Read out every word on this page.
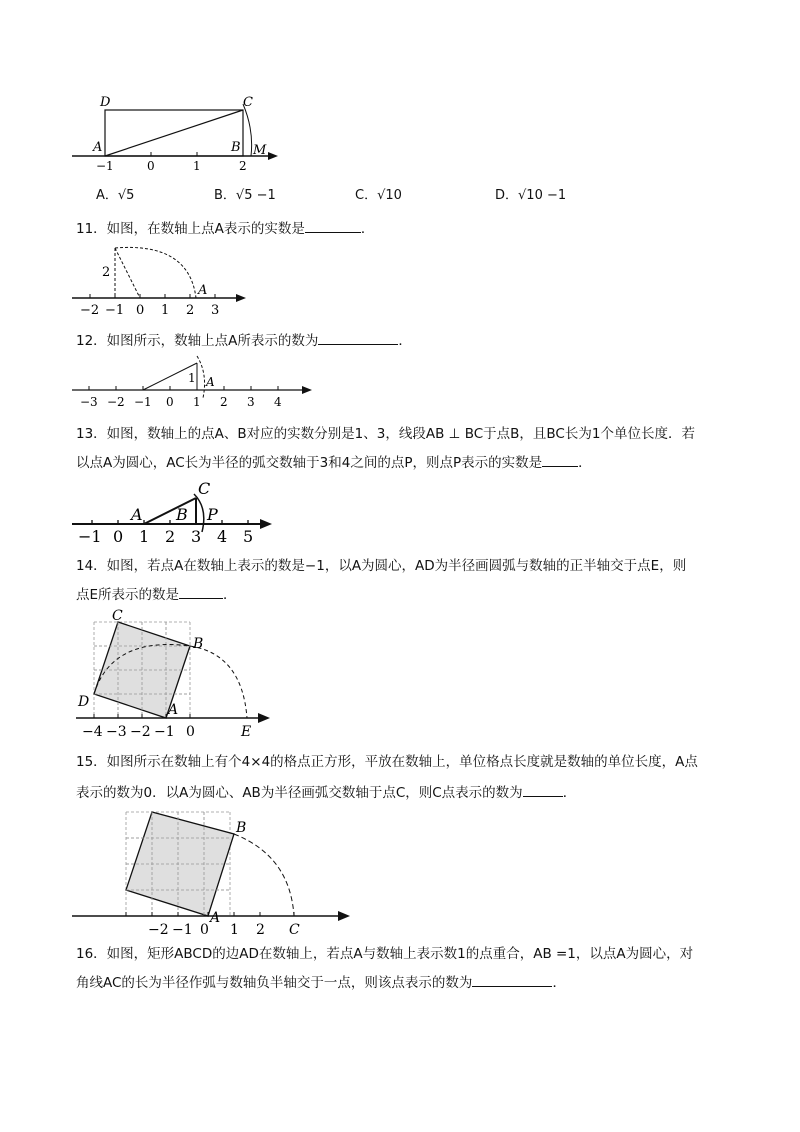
D	C
A	B M
−1	0	1	2
A．√5	B．√5 −1	C．√10	D．√10 −1
11．如图，在数轴上点A表示的实数是	．
2
A
−2 −1 0 1 2 3
12．如图所示，数轴上点A所表示的数为	．
1 A
−3 −2 −1 0 1 2 3 4
13．如图，数轴上的点A、B对应的实数分别是1、3，线段AB ⊥ BC于点B，且BC长为1个单位长度．若
以点A为圆心，AC长为半径的弧交数轴于3和4之间的点P，则点P表示的实数是	．
C
A B P
−1 0 1 2 3 4 5
14．如图，若点A在数轴上表示的数是−1，以A为圆心，AD为半径画圆弧与数轴的正半轴交于点E，则
点E所表示的数是	．
C
B
D	A
E
−4 −3 −2 −1 0
15．如图所示在数轴上有个4×4的格点正方形，平放在数轴上，单位格点长度就是数轴的单位长度，A点
表示的数为0．以A为圆心、AB为半径画弧交数轴于点C，则C点表示的数为	．
B
A
C
−2 −1 0 1 2
16．如图，矩形ABCD的边AD在数轴上，若点A与数轴上表示数1的点重合，AB =1，以点A为圆心，对
角线AC的长为半径作弧与数轴负半轴交于一点，则该点表示的数为	．
